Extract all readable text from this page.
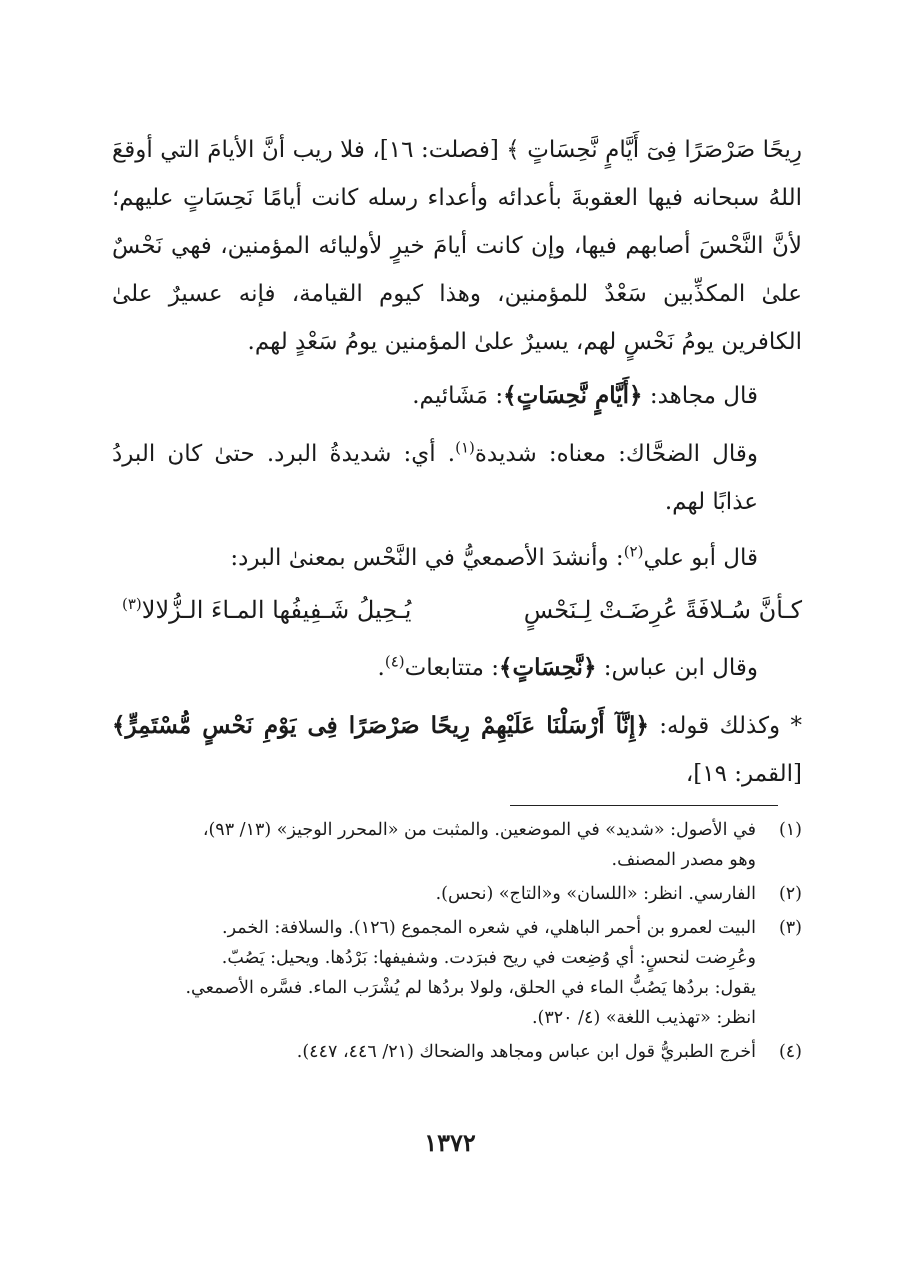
رِيحًا صَرْصَرًا فِىٓ أَيَّامٍ نَّحِسَاتٍ ﴾ [فصلت: ١٦]، فلا ريب أنَّ الأيامَ التي أوقعَ اللهُ سبحانه فيها العقوبةَ بأعدائه وأعداء رسله كانت أيامًا نَحِسَاتٍ عليهم؛ لأنَّ النَّحْسَ أصابهم فيها، وإن كانت أيامَ خيرٍ لأوليائه المؤمنين، فهي نَحْسٌ علىٰ المكذِّبين سَعْدٌ للمؤمنين، وهذا كيوم القيامة، فإنه عسيرٌ علىٰ الكافرين يومُ نَحْسٍ لهم، يسيرٌ علىٰ المؤمنين يومُ سَعْدٍ لهم.

قال مجاهد: ﴿أَيَّامٍ نَّحِسَاتٍ﴾: مَشَائيم.

وقال الضحَّاك: معناه: شديدة$^{(١)}$. أي: شديدةُ البرد. حتىٰ كان البردُ عذابًا لهم.

قال أبو علي$^{(٢)}$: وأنشدَ الأصمعيُّ في النَّحْس بمعنىٰ البرد:

كـأنَّ سُـلافَةً عُرِضَـتْ لِـنَحْسٍ
يُـحِيلُ شَـفِيفُها المـاءَ الـزُّلالا$^{(٣)}$

وقال ابن عباس: ﴿نَّحِسَاتٍ﴾: متتابعات$^{(٤)}$.

* وكذلك قوله: ﴿إِنَّآ أَرْسَلْنَا عَلَيْهِمْ رِيحًا صَرْصَرًا فِى يَوْمِ نَحْسٍ مُّسْتَمِرٍّ﴾ [القمر: ١٩]،

(١)
في الأصول: «شديد» في الموضعين. والمثبت من «المحرر الوجيز» (١٣/ ٩٣)،
وهو مصدر المصنف.
(٢)
الفارسي. انظر: «اللسان» و«التاج» (نحس).
(٣)
البيت لعمرو بن أحمر الباهلي، في شعره المجموع (١٢٦). والسلافة: الخمر.
وعُرِضت لنحسٍ: أي وُضِعت في ريح فبرَدت. وشفيفها: بَرْدُها. ويحيل: يَصُبّ.
يقول: بردُها يَصُبُّ الماء في الحلق، ولولا بردُها لم يُشْرَب الماء. فسَّره الأصمعي.
انظر: «تهذيب اللغة» (٤/ ٣٢٠).
(٤)
أخرج الطبريُّ قول ابن عباس ومجاهد والضحاك (٢١/ ٤٤٦، ٤٤٧).
١٣٧٢
